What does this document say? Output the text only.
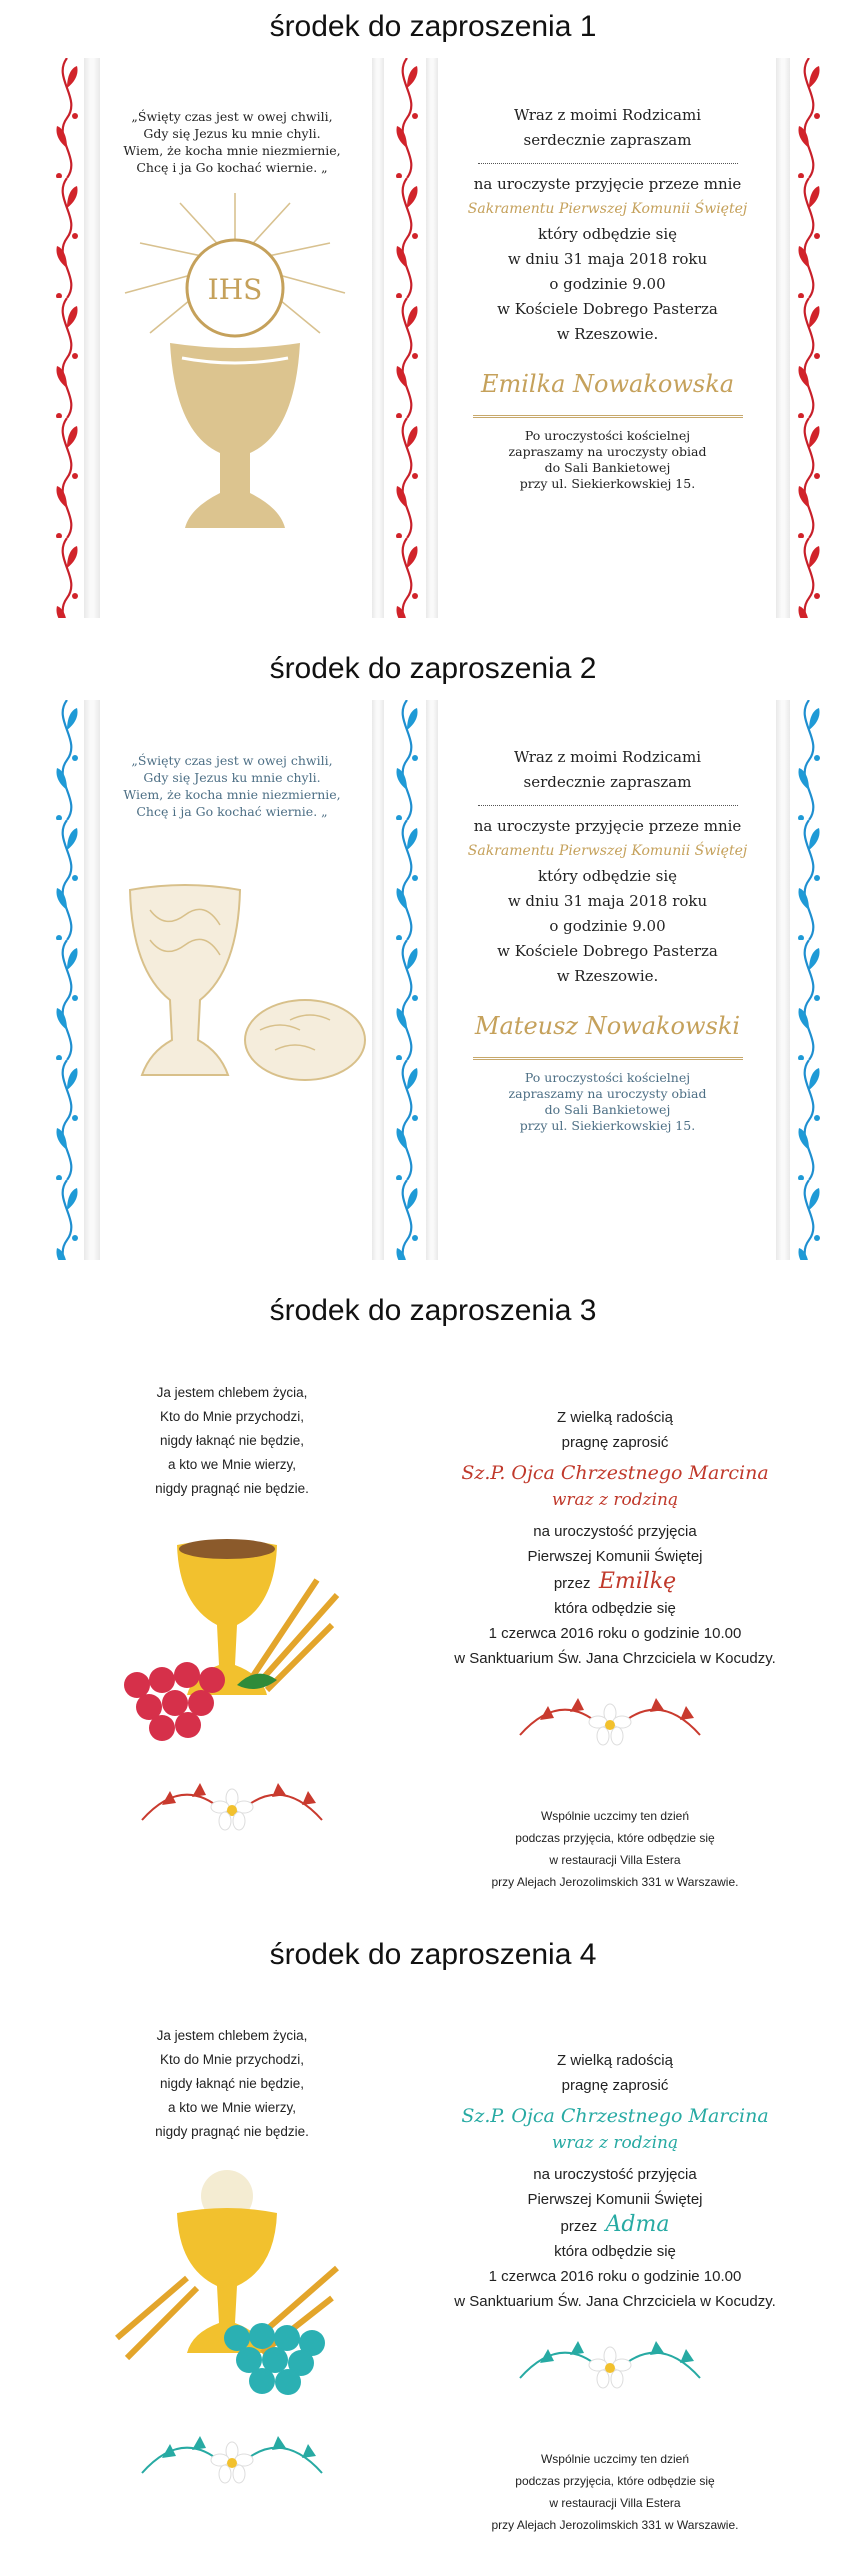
środek do zaproszenia 1
„Święty czas jest w owej chwili,
Gdy się Jezus ku mnie chyli.
Wiem, że kocha mnie niezmiernie,
Chcę i ja Go kochać wiernie. „
IHS
Wraz z moimi Rodzicami
serdecznie zapraszam
na uroczyste przyjęcie przeze mnie
Sakramentu Pierwszej Komunii Świętej
który odbędzie się
w dniu 31 maja 2018 roku
o godzinie 9.00
w Kościele Dobrego Pasterza
w Rzeszowie.
Emilka Nowakowska
Po uroczystości kościelnej
zapraszamy na uroczysty obiad
do Sali Bankietowej
przy ul. Siekierkowskiej 15.
środek do zaproszenia 2
„Święty czas jest w owej chwili,
Gdy się Jezus ku mnie chyli.
Wiem, że kocha mnie niezmiernie,
Chcę i ja Go kochać wiernie. „
Wraz z moimi Rodzicami
serdecznie zapraszam
na uroczyste przyjęcie przeze mnie
Sakramentu Pierwszej Komunii Świętej
który odbędzie się
w dniu 31 maja 2018 roku
o godzinie 9.00
w Kościele Dobrego Pasterza
w Rzeszowie.
Mateusz Nowakowski
Po uroczystości kościelnej
zapraszamy na uroczysty obiad
do Sali Bankietowej
przy ul. Siekierkowskiej 15.
środek do zaproszenia 3
Ja jestem chlebem życia,
Kto do Mnie przychodzi,
nigdy łaknąć nie będzie,
a kto we Mnie wierzy,
nigdy pragnąć nie będzie.
Z wielką radością
pragnę zaprosić
Sz.P. Ojca Chrzestnego Marcina
wraz z rodziną
na uroczystość przyjęcia
Pierwszej Komunii Świętej
przez Emilkę
która odbędzie się
1 czerwca 2016 roku o godzinie 10.00
w Sanktuarium Św. Jana Chrzciciela w Kocudzy.
Wspólnie uczcimy ten dzień
podczas przyjęcia, które odbędzie się
w restauracji Villa Estera
przy Alejach Jerozolimskich 331 w Warszawie.
środek do zaproszenia 4
Ja jestem chlebem życia,
Kto do Mnie przychodzi,
nigdy łaknąć nie będzie,
a kto we Mnie wierzy,
nigdy pragnąć nie będzie.
Z wielką radością
pragnę zaprosić
Sz.P. Ojca Chrzestnego Marcina
wraz z rodziną
na uroczystość przyjęcia
Pierwszej Komunii Świętej
przez Adma
która odbędzie się
1 czerwca 2016 roku o godzinie 10.00
w Sanktuarium Św. Jana Chrzciciela w Kocudzy.
Wspólnie uczcimy ten dzień
podczas przyjęcia, które odbędzie się
w restauracji Villa Estera
przy Alejach Jerozolimskich 331 w Warszawie.
